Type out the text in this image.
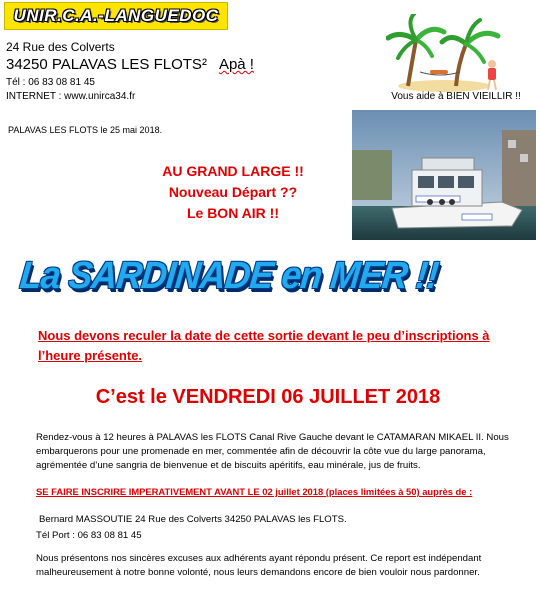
UNIR.C.A.-LANGUEDOC
24 Rue des Colverts
34250 PALAVAS LES FLOTS² Apà !
Tél : 06 83 08 81 45
INTERNET : www.unirca34.fr	Vous aide à BIEN VIEILLIR !!
PALAVAS LES FLOTS le 25 mai 2018.
AU GRAND LARGE !!
Nouveau Départ ??
Le BON AIR !!
La SARDINADE en MER !!
Nous devons reculer la date de cette sortie devant le peu d’inscriptions à l’heure présente.
C’est le VENDREDI 06 JUILLET 2018
Rendez-vous à 12 heures à PALAVAS les FLOTS Canal Rive Gauche devant le CATAMARAN MIKAEL II. Nous embarquerons pour une promenade en mer, commentée afin de découvrir la côte vue du large panorama, agrémentée d’une sangria de bienvenue et de biscuits apéritifs, eau minérale, jus de fruits.
SE FAIRE INSCRIRE IMPERATIVEMENT AVANT LE 02 juillet 2018 (places limitées à 50) auprès de :
Bernard MASSOUTIE 24 Rue des Colverts 34250 PALAVAS les FLOTS.
Tél Port : 06 83 08 81 45
Nous présentons nos sincères excuses aux adhérents ayant répondu présent. Ce report est indépendant malheureusement à notre bonne volonté, nous leurs demandons encore de bien vouloir nous pardonner.
